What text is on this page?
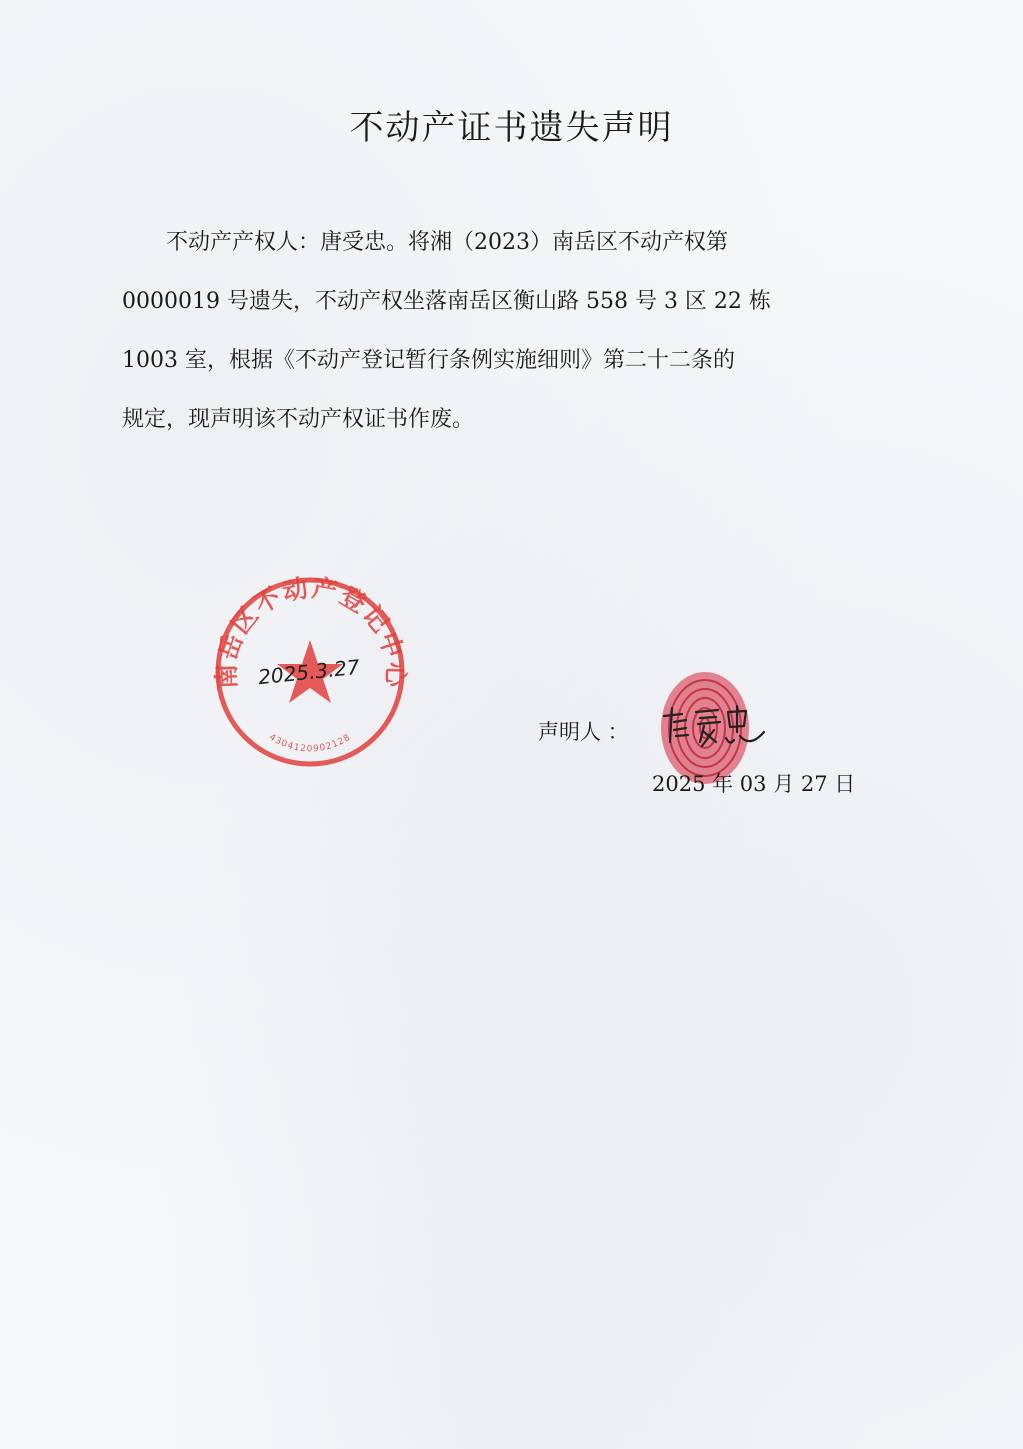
不动产证书遗失声明

不动产产权人：唐受忠。将湘（2023）南岳区不动产权第

0000019 号遗失，不动产权坐落南岳区衡山路 558 号 3 区 22 栋

1003 室，根据《不动产登记暂行条例实施细则》第二十二条的

规定，现声明该不动产权证书作废。

南岳区不动产登记中心
4304120902128
2025.3.27
声明人 ：
2025 年 03 月 27 日
